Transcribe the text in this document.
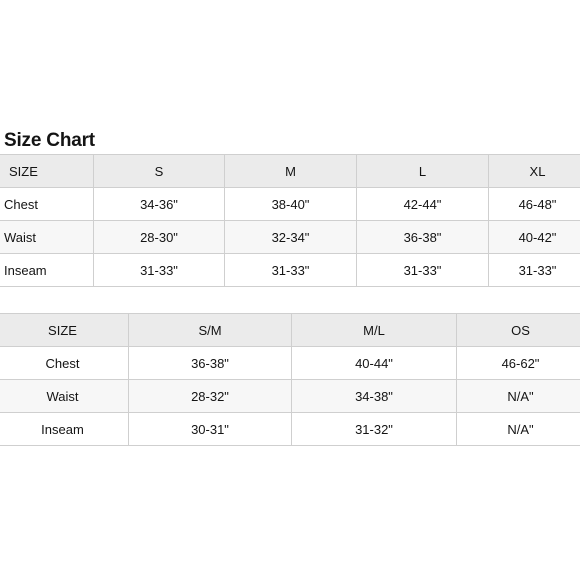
Size Chart
SIZE	S	M	L	XL
Chest	34-36"	38-40"	42-44"	46-48"
Waist	28-30"	32-34"	36-38"	40-42"
Inseam	31-33"	31-33"	31-33"	31-33"
SIZE	S/M	M/L	OS
Chest	36-38"	40-44"	46-62"
Waist	28-32"	34-38"	N/A"
Inseam	30-31"	31-32"	N/A"
